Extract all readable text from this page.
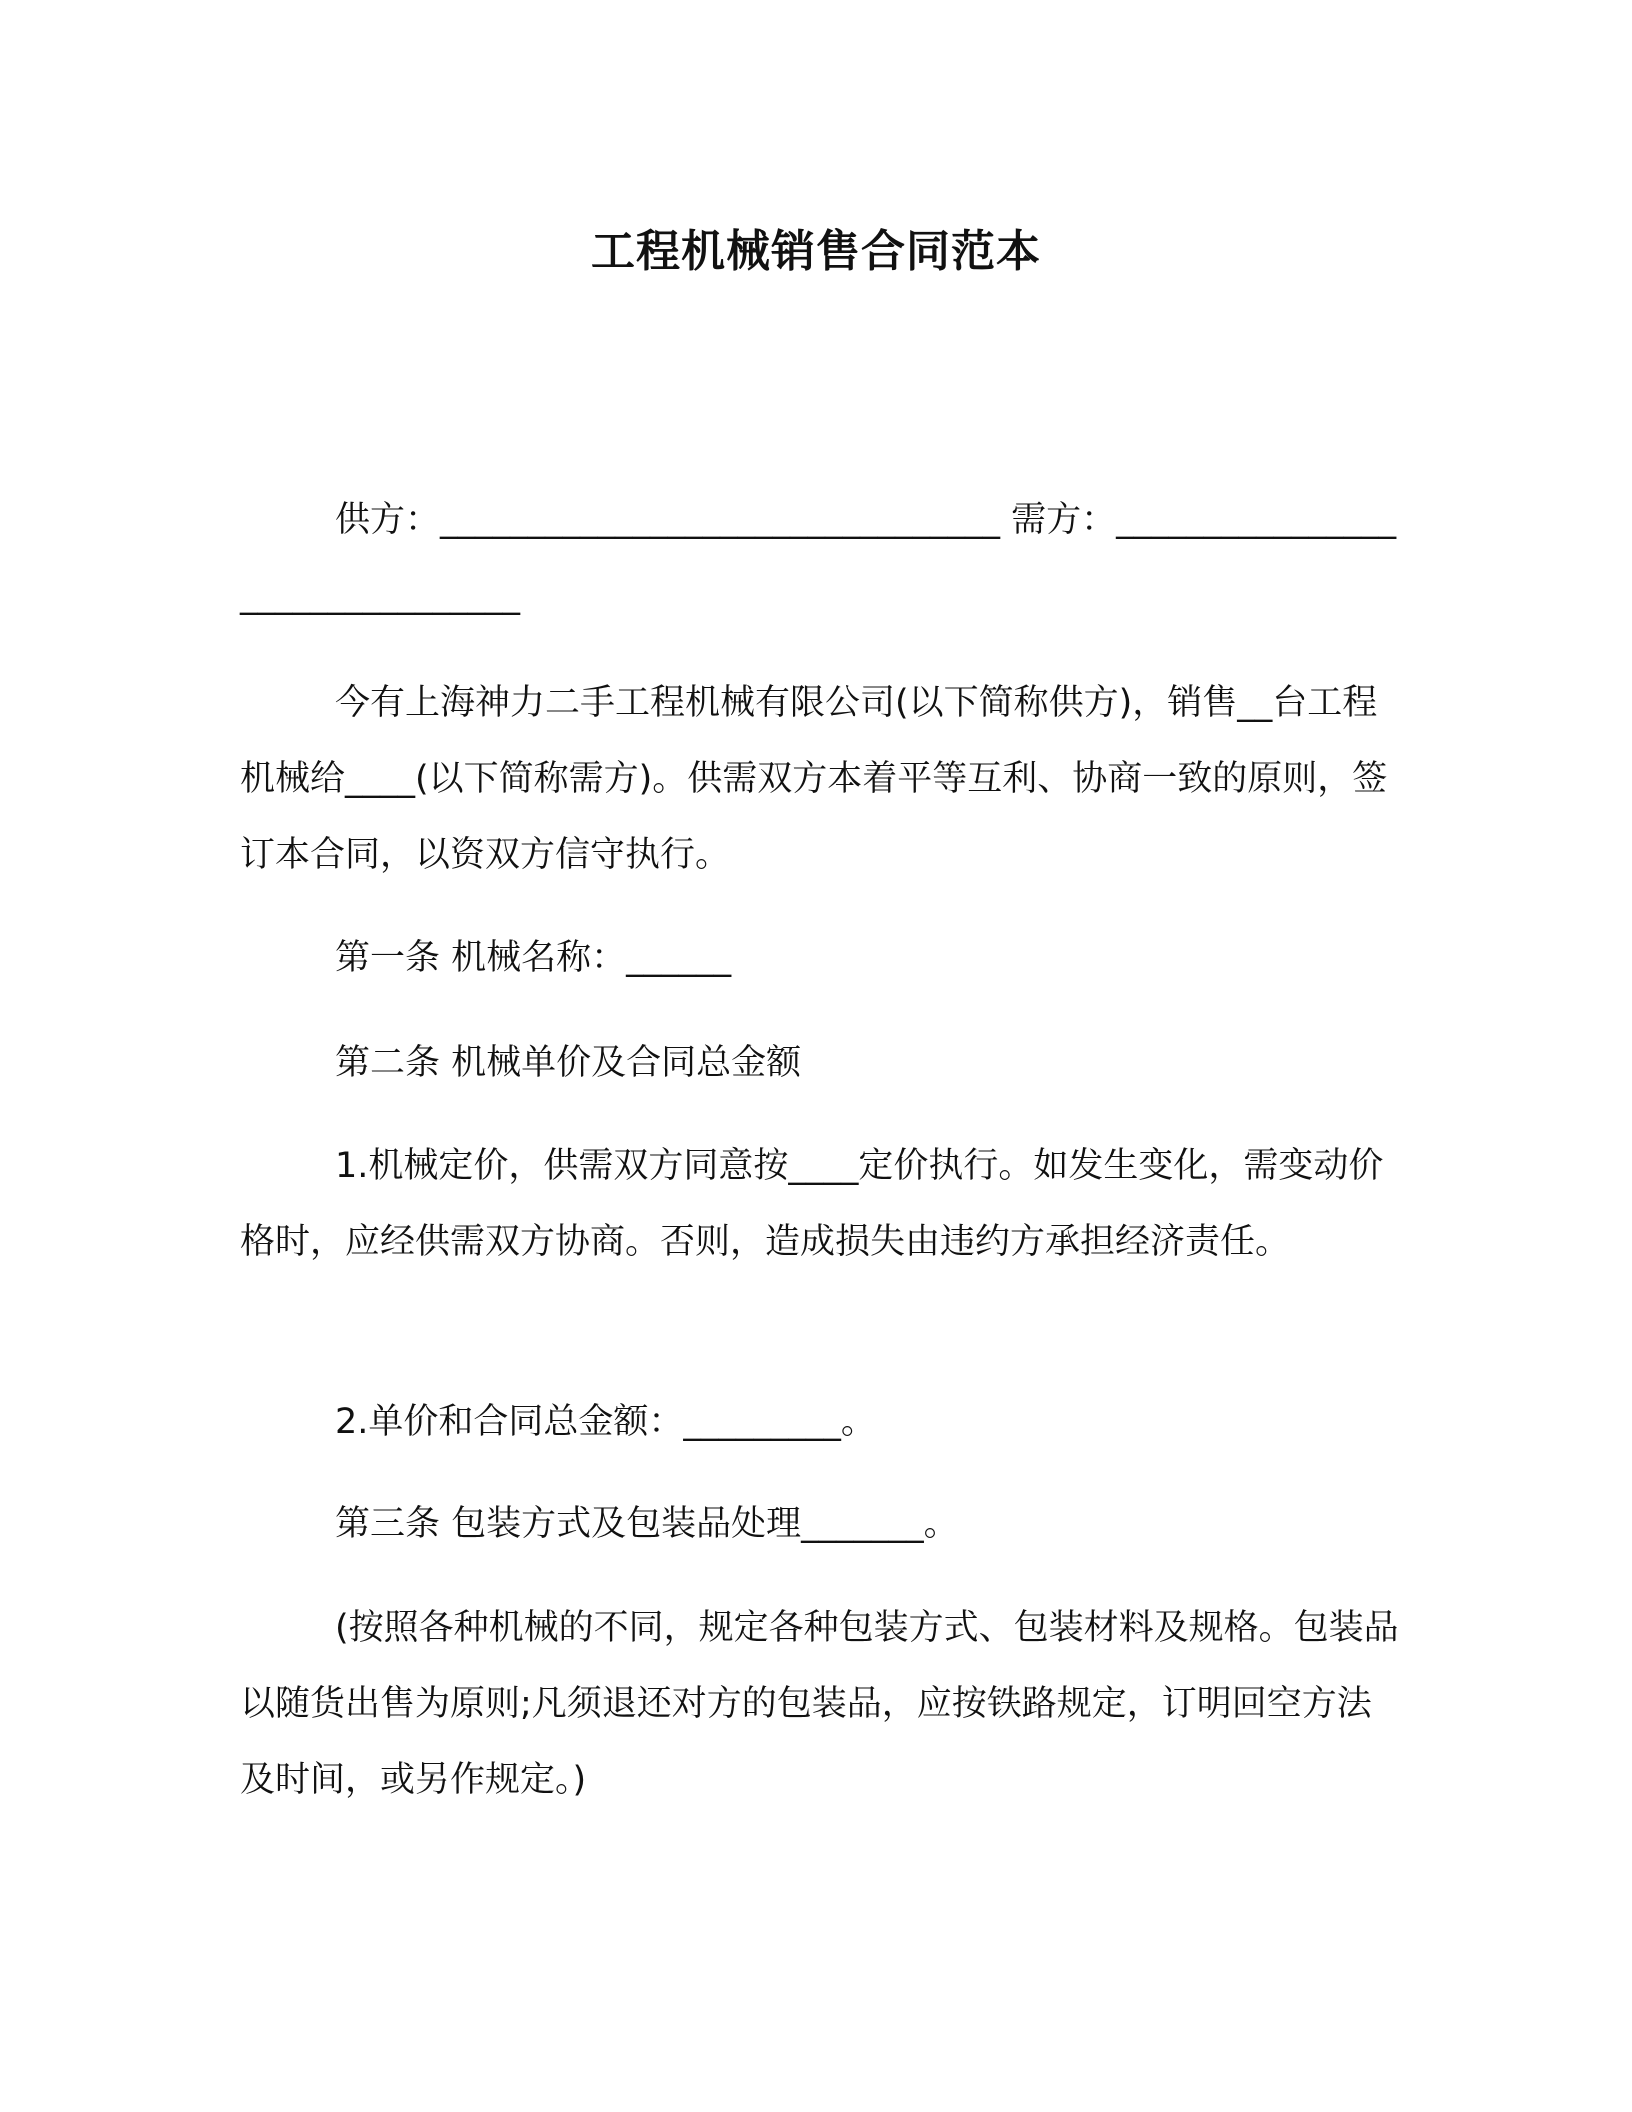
工程机械销售合同范本
供方：________________________________ 需方：________________________________
今有上海神力二手工程机械有限公司(以下简称供方)，销售__台工程机械给____(以下简称需方)。供需双方本着平等互利、协商一致的原则，签订本合同，以资双方信守执行。
第一条 机械名称：______
第二条 机械单价及合同总金额
1.机械定价，供需双方同意按____定价执行。如发生变化，需变动价格时，应经供需双方协商。否则，造成损失由违约方承担经济责任。
2.单价和合同总金额：_________。
第三条 包装方式及包装品处理_______。
(按照各种机械的不同，规定各种包装方式、包装材料及规格。包装品以随货出售为原则;凡须退还对方的包装品，应按铁路规定，订明回空方法及时间，或另作规定。)
